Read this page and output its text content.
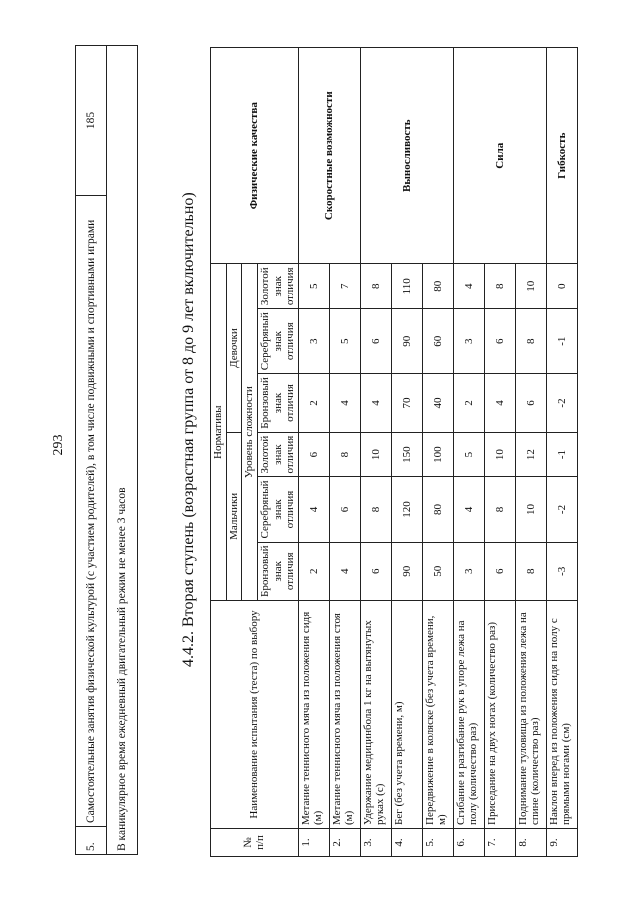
293
5.	Самостоятельные занятия физической культурой (с участием родителей), в том числе подвижными и спортивными играми	185
В каникулярное время ежедневный двигательный режим не менее 3 часов
4.4.2. Вторая ступень (возрастная группа от 8 до 9 лет включительно)
№ п/п	Наименование испытания (теста) по выбору	Нормативы						Физические качества
		Мальчики			Девочки			
		Уровень сложности						
		Бронзовый знак отличия	Серебряный знак отличия	Золотой знак отличия	Бронзовый знак отличия	Серебряный знак отличия	Золотой знак отличия	
1.	Метание теннисного мяча из положения сидя (м)	2	4	6	2	3	5	Скоростные возможности
2.	Метание теннисного мяча из положения стоя (м)	4	6	8	4	5	7	
3.	Удержание медицинбола 1 кг на вытянутых руках (с)	6	8	10	4	6	8	Выносливость
4.	Бег (без учета времени, м)	90	120	150	70	90	110	
5.	Передвижение в коляске (без учета времени, м)	50	80	100	40	60	80	
6.	Сгибание и разгибание рук в упоре лежа на полу (количество раз)	3	4	5	2	3	4	Сила
7.	Приседание на двух ногах (количество раз)	6	8	10	4	6	8	
8.	Поднимание туловища из положения лежа на спине (количество раз)	8	10	12	6	8	10	
9.	Наклон вперед из положения сидя на полу с прямыми ногами (см)	-3	-2	-1	-2	-1	0	Гибкость
